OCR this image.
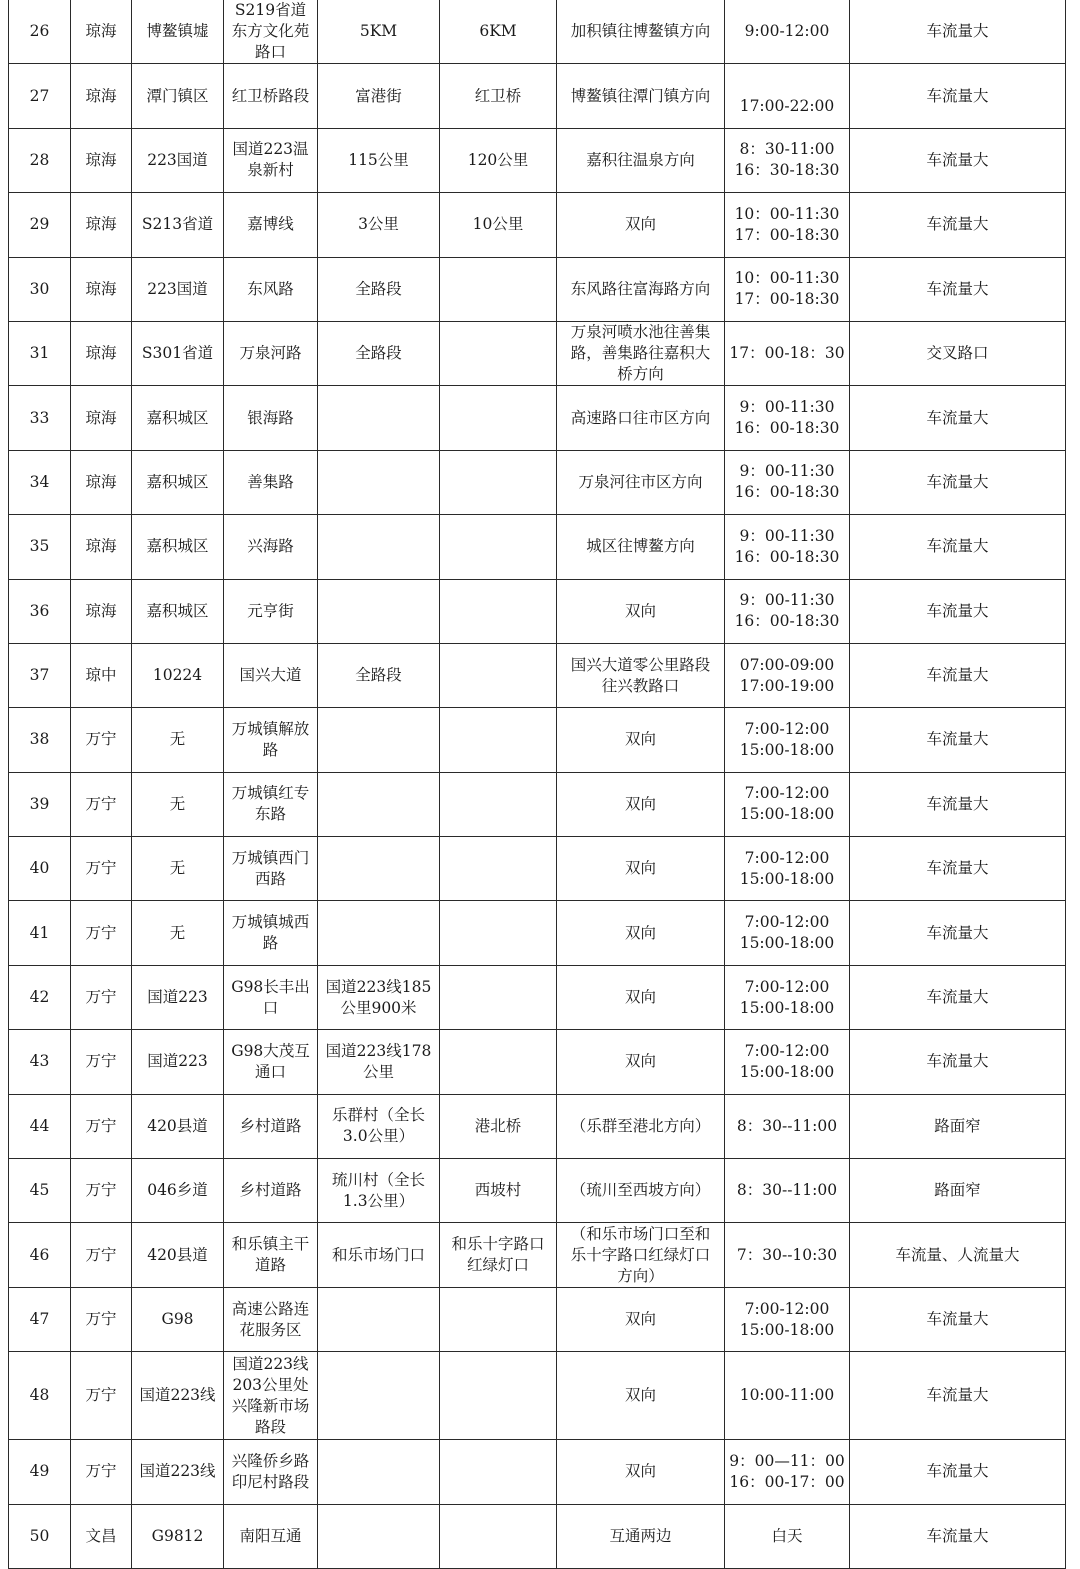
26	琼海	博鳌镇墟	S219省道
东方文化苑
路口	5KM	6KM	加积镇往博鳌镇方向	9:00-12:00	车流量大
27	琼海	潭门镇区	红卫桥路段	富港街	红卫桥	博鳌镇往潭门镇方向	
17:00-22:00	车流量大
28	琼海	223国道	国道223温
泉新村	115公里	120公里	嘉积往温泉方向	8：30-11:00
16：30-18:30	车流量大
29	琼海	S213省道	嘉博线	3公里	10公里	双向	10：00-11:30
17：00-18:30	车流量大
30	琼海	223国道	东风路	全路段		东风路往富海路方向	10：00-11:30
17：00-18:30	车流量大
31	琼海	S301省道	万泉河路	全路段		万泉河喷水池往善集
路，善集路往嘉积大
桥方向	17：00-18：30	交叉路口
33	琼海	嘉积城区	银海路			高速路口往市区方向	9：00-11:30
16：00-18:30	车流量大
34	琼海	嘉积城区	善集路			万泉河往市区方向	9：00-11:30
16：00-18:30	车流量大
35	琼海	嘉积城区	兴海路			城区往博鳌方向	9：00-11:30
16：00-18:30	车流量大
36	琼海	嘉积城区	元亨街			双向	9：00-11:30
16：00-18:30	车流量大
37	琼中	10224	国兴大道	全路段		国兴大道零公里路段
往兴教路口	07:00-09:00
17:00-19:00	车流量大
38	万宁	无	万城镇解放
路			双向	7:00-12:00
15:00-18:00	车流量大
39	万宁	无	万城镇红专
东路			双向	7:00-12:00
15:00-18:00	车流量大
40	万宁	无	万城镇西门
西路			双向	7:00-12:00
15:00-18:00	车流量大
41	万宁	无	万城镇城西
路			双向	7:00-12:00
15:00-18:00	车流量大
42	万宁	国道223	G98长丰出
口	国道223线185
公里900米		双向	7:00-12:00
15:00-18:00	车流量大
43	万宁	国道223	G98大茂互
通口	国道223线178
公里		双向	7:00-12:00
15:00-18:00	车流量大
44	万宁	420县道	乡村道路	乐群村（全长
3.0公里）	港北桥	（乐群至港北方向）	8：30--11:00	路面窄
45	万宁	046乡道	乡村道路	琉川村（全长
1.3公里）	西坡村	（琉川至西坡方向）	8：30--11:00	路面窄
46	万宁	420县道	和乐镇主干
道路	和乐市场门口	和乐十字路口
红绿灯口	（和乐市场门口至和
乐十字路口红绿灯口
方向）	7：30--10:30	车流量、人流量大
47	万宁	G98	高速公路连
花服务区			双向	7:00-12:00
15:00-18:00	车流量大
48	万宁	国道223线	国道223线
203公里处
兴隆新市场
路段			双向	10:00-11:00	车流量大
49	万宁	国道223线	兴隆侨乡路
印尼村路段			双向	9：00—11：00
16：00-17：00	车流量大
50	文昌	G9812	南阳互通			互通两边	白天	车流量大
